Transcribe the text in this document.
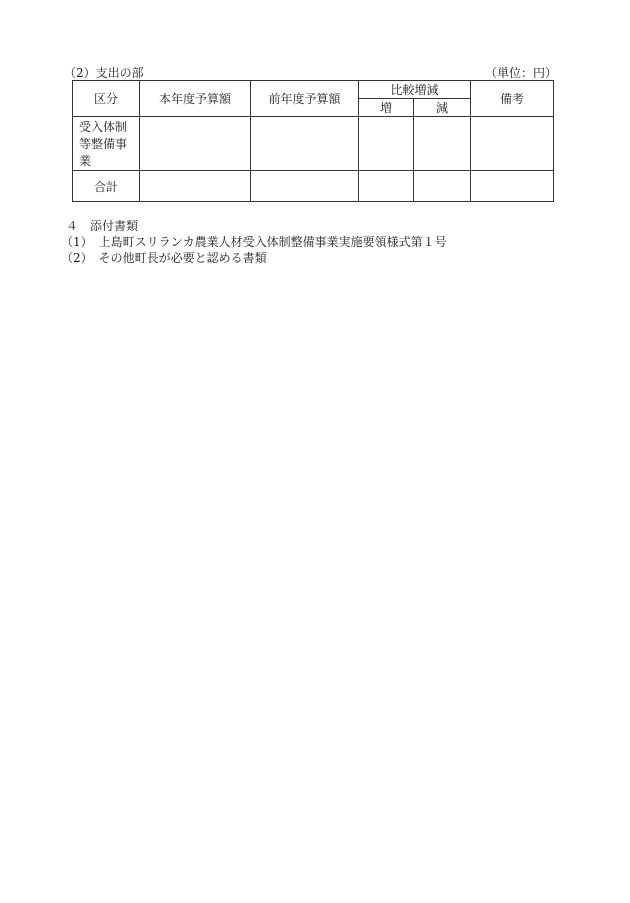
（2）支出の部	（単位：円）
区分	本年度予算額	前年度予算額	比較増減		備考
			増	減	

受入体制
等整備事
業					

合計					
４　添付書類
（1）　上島町スリランカ農業人材受入体制整備事業実施要領様式第１号
（2）　その他町長が必要と認める書類
